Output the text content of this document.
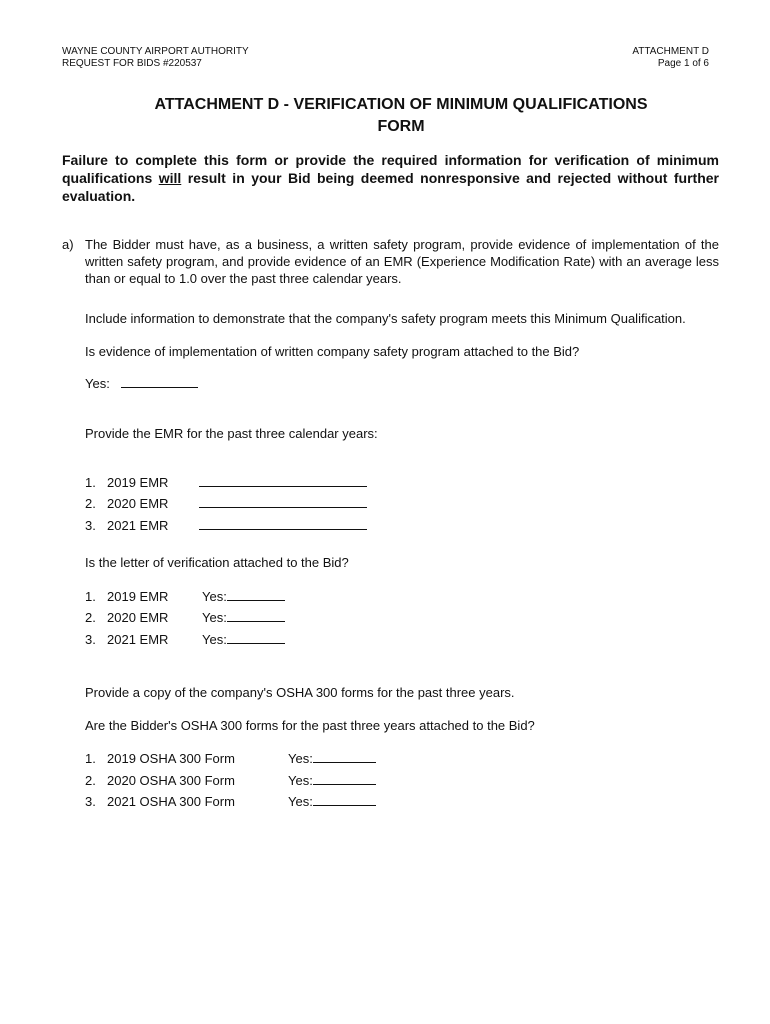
WAYNE COUNTY AIRPORT AUTHORITY
REQUEST FOR BIDS #220537
ATTACHMENT D
Page 1 of 6
ATTACHMENT D - VERIFICATION OF MINIMUM QUALIFICATIONS
FORM
Failure to complete this form or provide the required information for verification of minimum qualifications will result in your Bid being deemed nonresponsive and rejected without further evaluation.
a) The Bidder must have, as a business, a written safety program, provide evidence of implementation of the written safety program, and provide evidence of an EMR (Experience Modification Rate) with an average less than or equal to 1.0 over the past three calendar years.
Include information to demonstrate that the company's safety program meets this Minimum Qualification.
Is evidence of implementation of written company safety program attached to the Bid?
Yes:
Provide the EMR for the past three calendar years:
1. 2019 EMR
2. 2020 EMR
3. 2021 EMR
Is the letter of verification attached to the Bid?
1. 2019 EMR	Yes:
2. 2020 EMR	Yes:
3. 2021 EMR	Yes:
Provide a copy of the company's OSHA 300 forms for the past three years.
Are the Bidder's OSHA 300 forms for the past three years attached to the Bid?
1. 2019 OSHA 300 Form	Yes:
2. 2020 OSHA 300 Form	Yes:
3. 2021 OSHA 300 Form	Yes:
